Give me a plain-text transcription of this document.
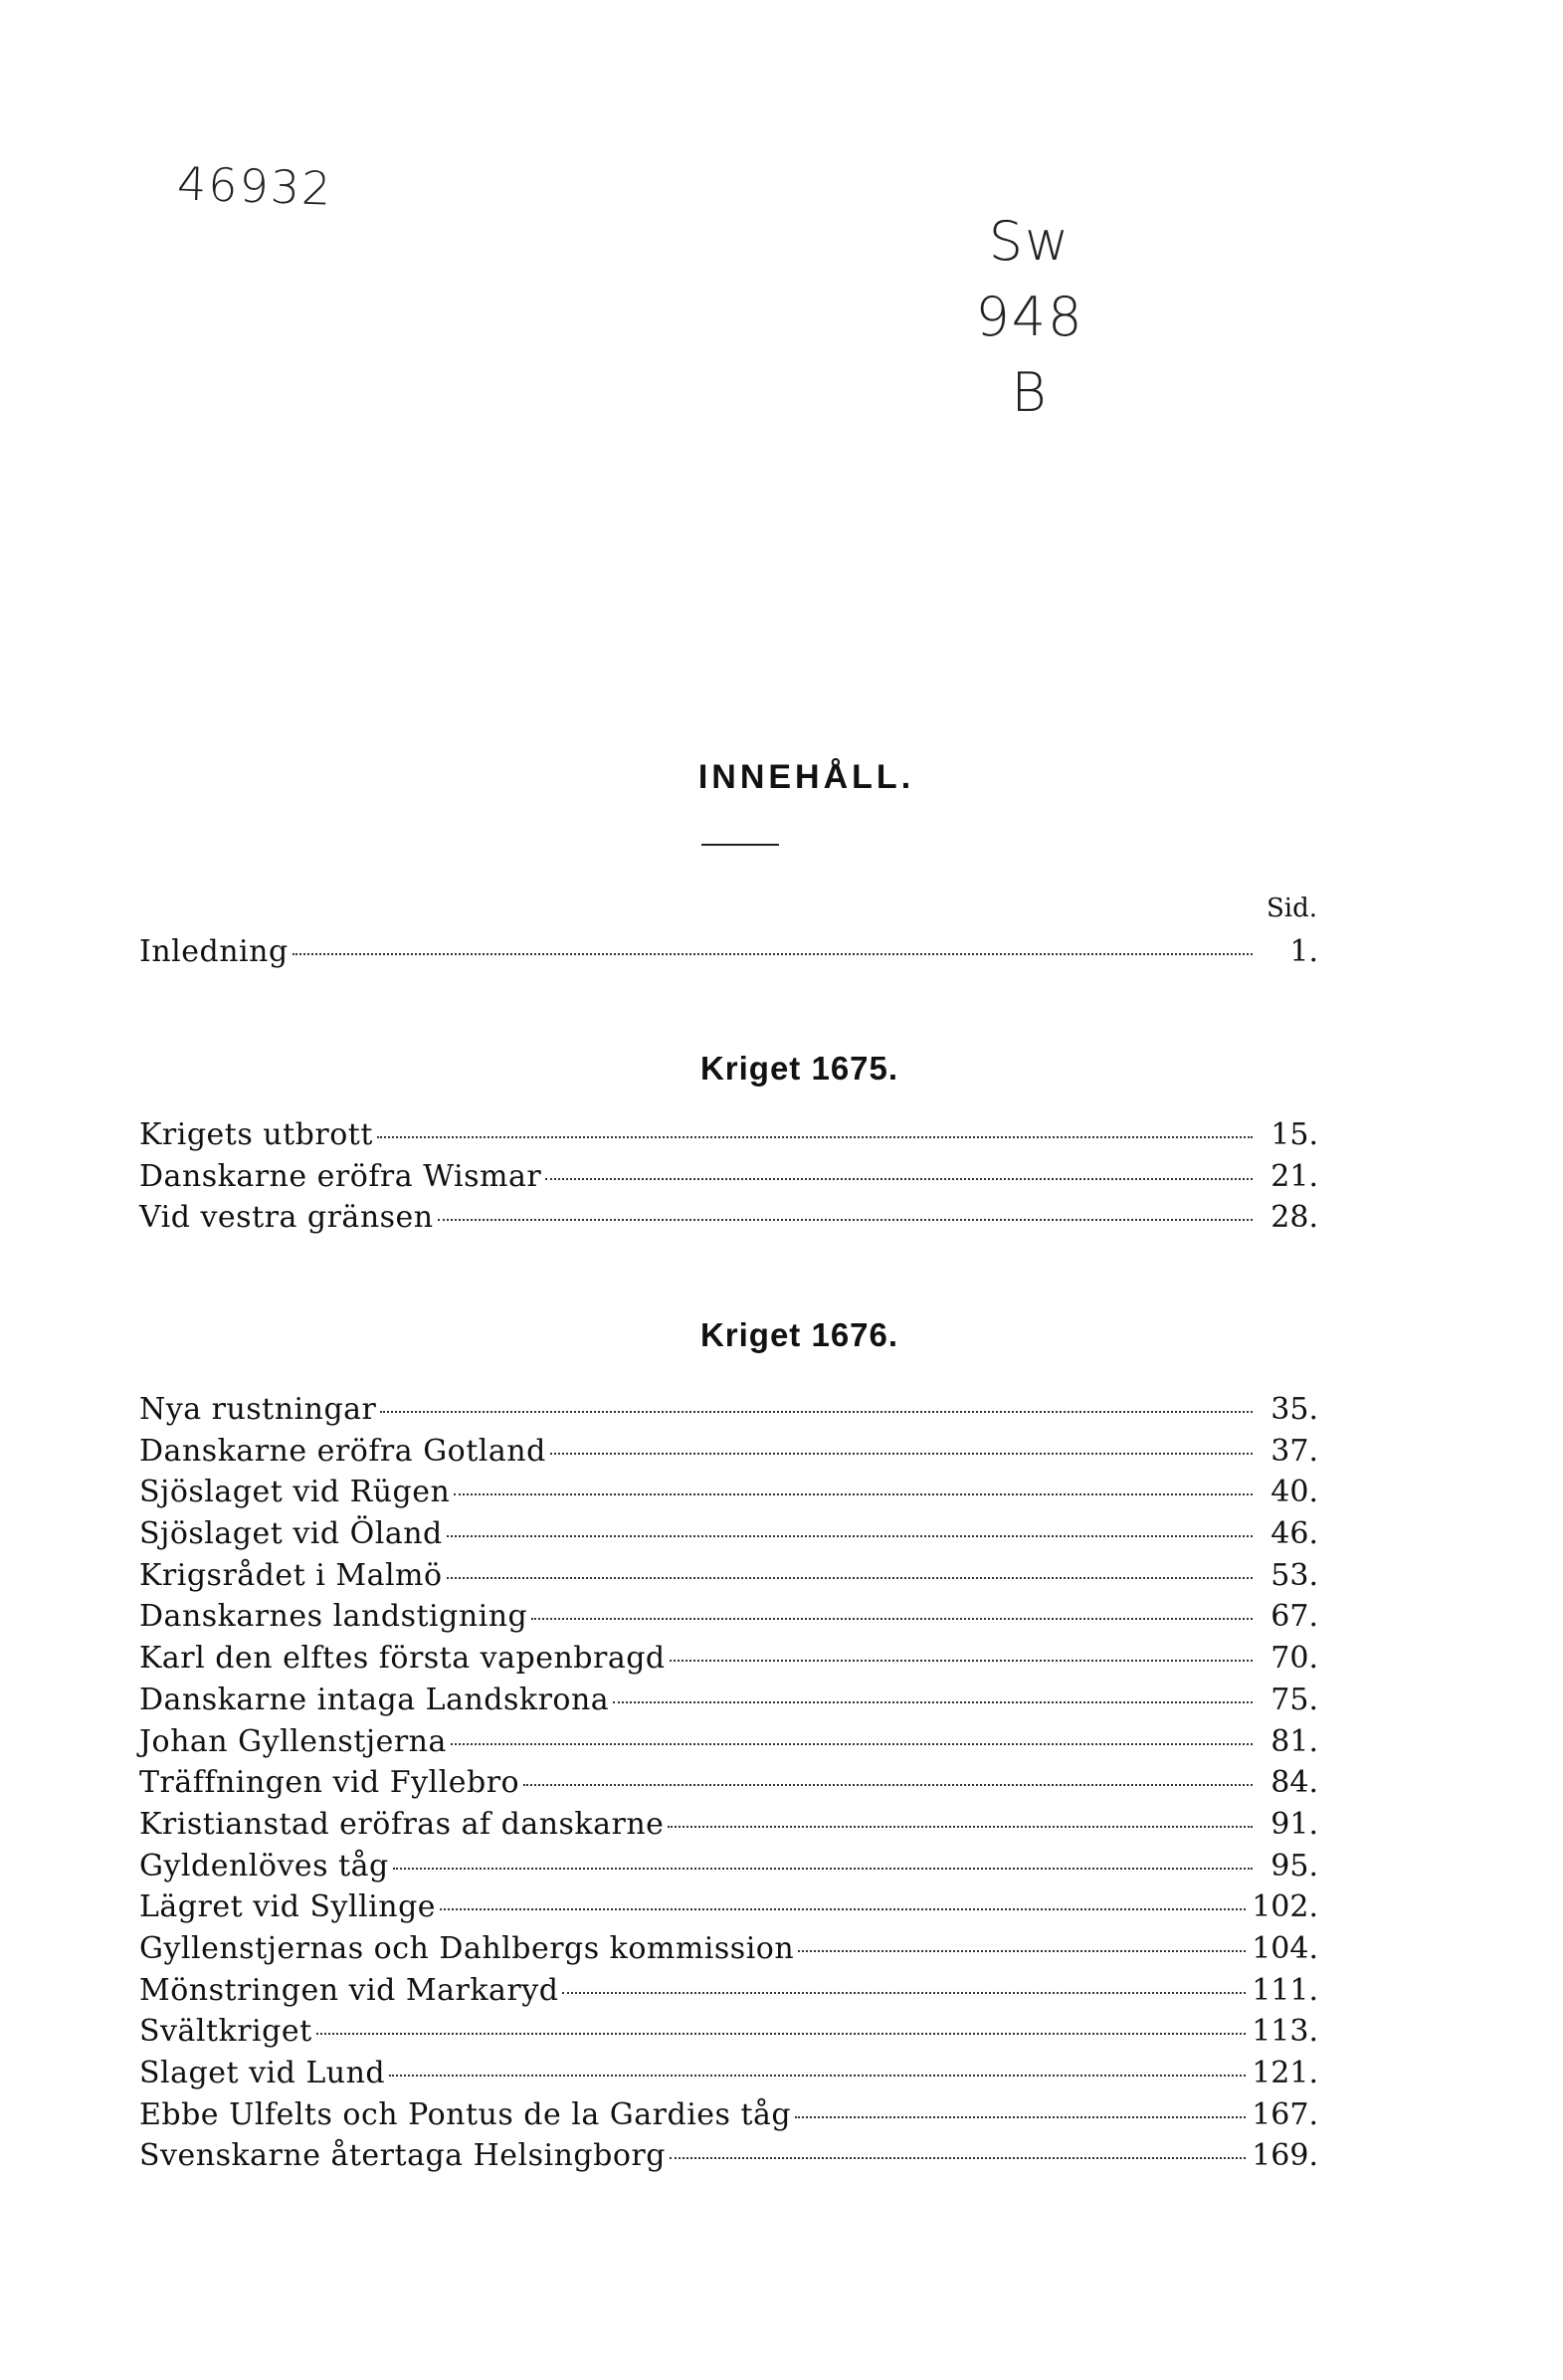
46932
Sw
948
B
INNEHÅLL.
Sid.
Inledning	1.
Kriget 1675.
Krigets utbrott	15.
Danskarne eröfra Wismar	21.
Vid vestra gränsen	28.
Kriget 1676.
Nya rustningar	35.
Danskarne eröfra Gotland	37.
Sjöslaget vid Rügen	40.
Sjöslaget vid Öland	46.
Krigsrådet i Malmö	53.
Danskarnes landstigning	67.
Karl den elftes första vapenbragd	70.
Danskarne intaga Landskrona	75.
Johan Gyllenstjerna	81.
Träffningen vid Fyllebro	84.
Kristianstad eröfras af danskarne	91.
Gyldenlöves tåg	95.
Lägret vid Syllinge	102.
Gyllenstjernas och Dahlbergs kommission	104.
Mönstringen vid Markaryd	111.
Svältkriget	113.
Slaget vid Lund	121.
Ebbe Ulfelts och Pontus de la Gardies tåg	167.
Svenskarne återtaga Helsingborg	169.
